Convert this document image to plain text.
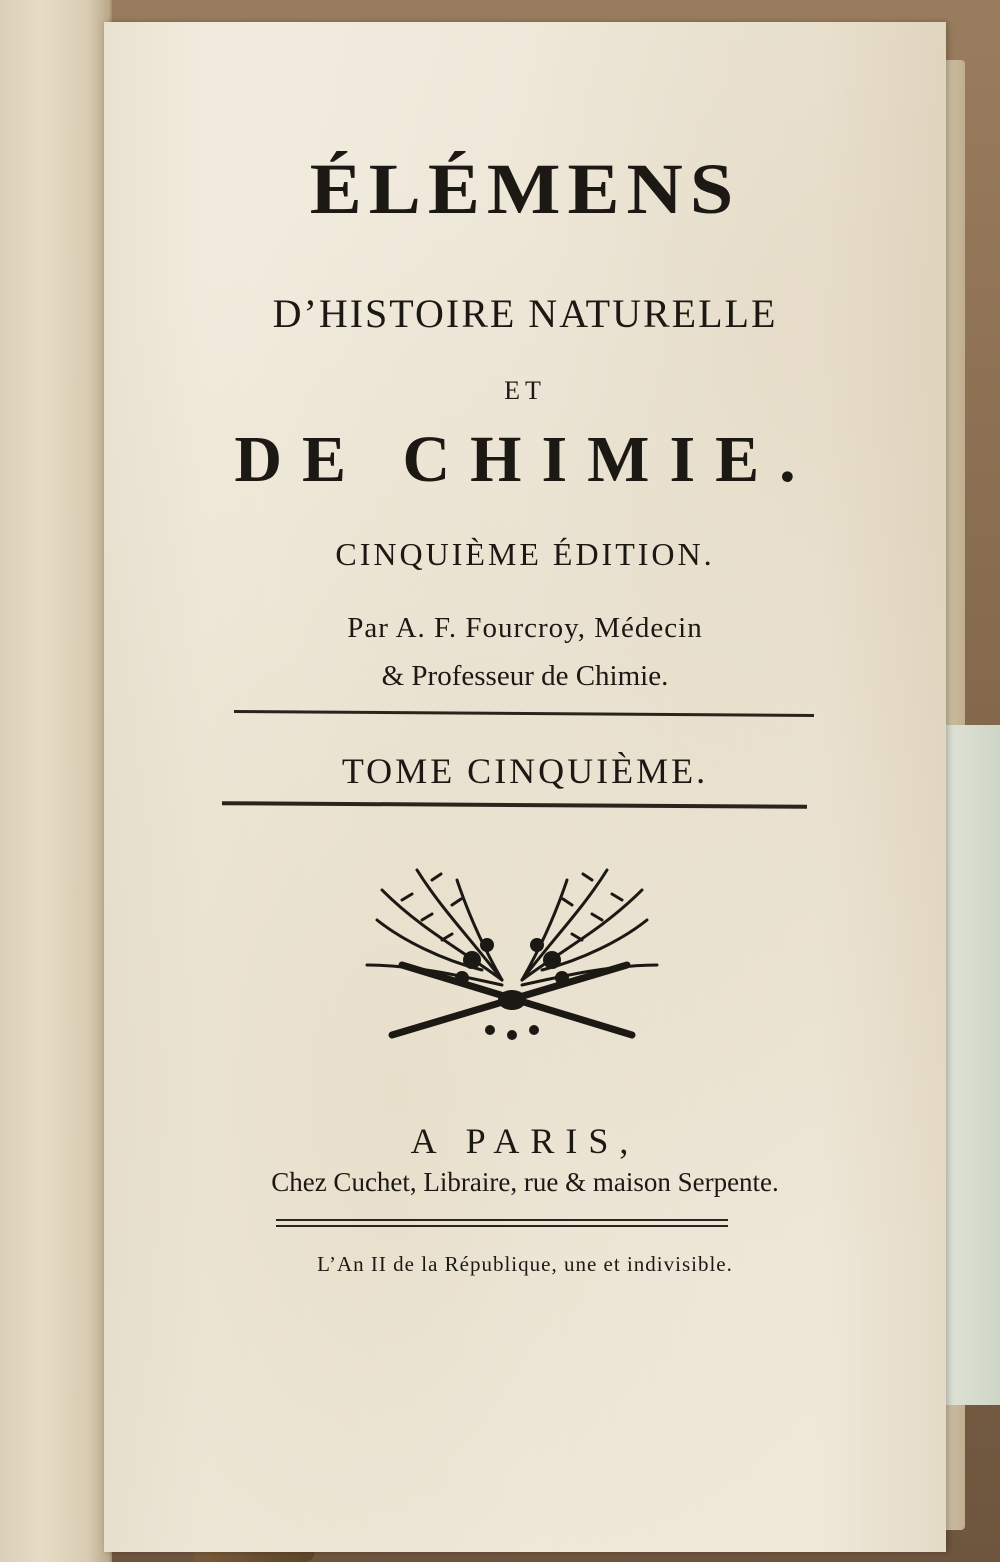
ÉLÉMENS
D’HISTOIRE NATURELLE
ET
DE CHIMIE.
CINQUIÈME ÉDITION.
Par A. F. Fourcroy, Médecin
& Professeur de Chimie.
TOME CINQUIÈME.
A PARIS,
Chez Cuchet, Libraire, rue & maison Serpente.
L’An II de la République, une et indivisible.
